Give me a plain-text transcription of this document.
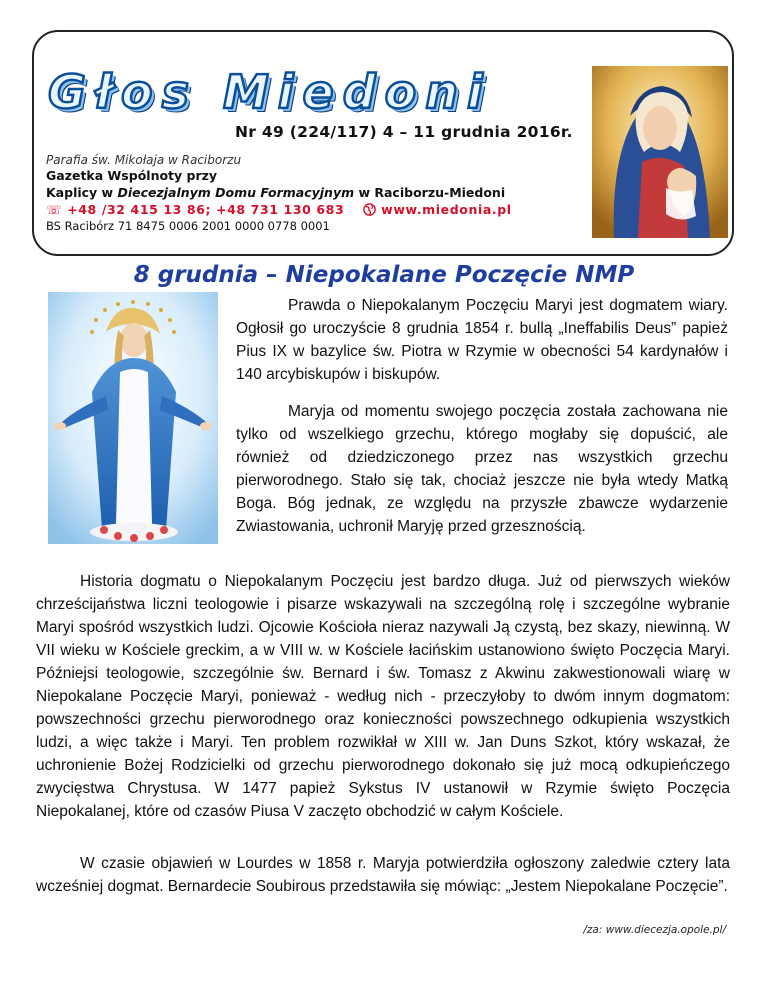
Głos Miedoni
Nr 49 (224/117) 4 – 11 grudnia 2016r.
Parafia św. Mikołaja w Raciborzu
Gazetka Wspólnoty przy
Kaplicy w Diecezjalnym Domu Formacyjnym w Raciborzu-Miedoni
☏ +48 /32 415 13 86; +48 731 130 683	www.miedonia.pl
BS Racibórz 71 8475 0006 2001 0000 0778 0001
8 grudnia – Niepokalane Poczęcie NMP

Prawda o Niepokalanym Poczęciu Maryi jest dogmatem wiary. Ogłosił go uroczyście 8 grudnia 1854 r. bullą „Ineffabilis Deus” papież Pius IX w bazylice św. Piotra w Rzymie w obecności 54 kardynałów i 140 arcybiskupów i biskupów.

Maryja od momentu swojego poczęcia została zachowana nie tylko od wszelkiego grzechu, którego mogłaby się dopuścić, ale również od dziedziczonego przez nas wszystkich grzechu pierworodnego. Stało się tak, chociaż jeszcze nie była wtedy Matką Boga. Bóg jednak, ze względu na przyszłe zbawcze wydarzenie Zwiastowania, uchronił Maryję przed grzesznością.

Historia dogmatu o Niepokalanym Poczęciu jest bardzo długa. Już od pierwszych wieków chrześcijaństwa liczni teologowie i pisarze wskazywali na szczególną rolę i szczególne wybranie Maryi spośród wszystkich ludzi. Ojcowie Kościoła nieraz nazywali Ją czystą, bez skazy, niewinną. W VII wieku w Kościele greckim, a w VIII w. w Kościele łacińskim ustanowiono święto Poczęcia Maryi. Późniejsi teologowie, szczególnie św. Bernard i św. Tomasz z Akwinu zakwestionowali wiarę w Niepokalane Poczęcie Maryi, ponieważ - według nich - przeczyłoby to dwóm innym dogmatom: powszechności grzechu pierworodnego oraz konieczności powszechnego odkupienia wszystkich ludzi, a więc także i Maryi. Ten problem rozwikłał w XIII w. Jan Duns Szkot, który wskazał, że uchronienie Bożej Rodzicielki od grzechu pierworodnego dokonało się już mocą odkupieńczego zwycięstwa Chrystusa. W 1477 papież Sykstus IV ustanowił w Rzymie święto Poczęcia Niepokalanej, które od czasów Piusa V zaczęto obchodzić w całym Kościele.

W czasie objawień w Lourdes w 1858 r. Maryja potwierdziła ogłoszony zaledwie cztery lata wcześniej dogmat. Bernardecie Soubirous przedstawiła się mówiąc: „Jestem Niepokalane Poczęcie”.

/za: www.diecezja.opole.pl/
